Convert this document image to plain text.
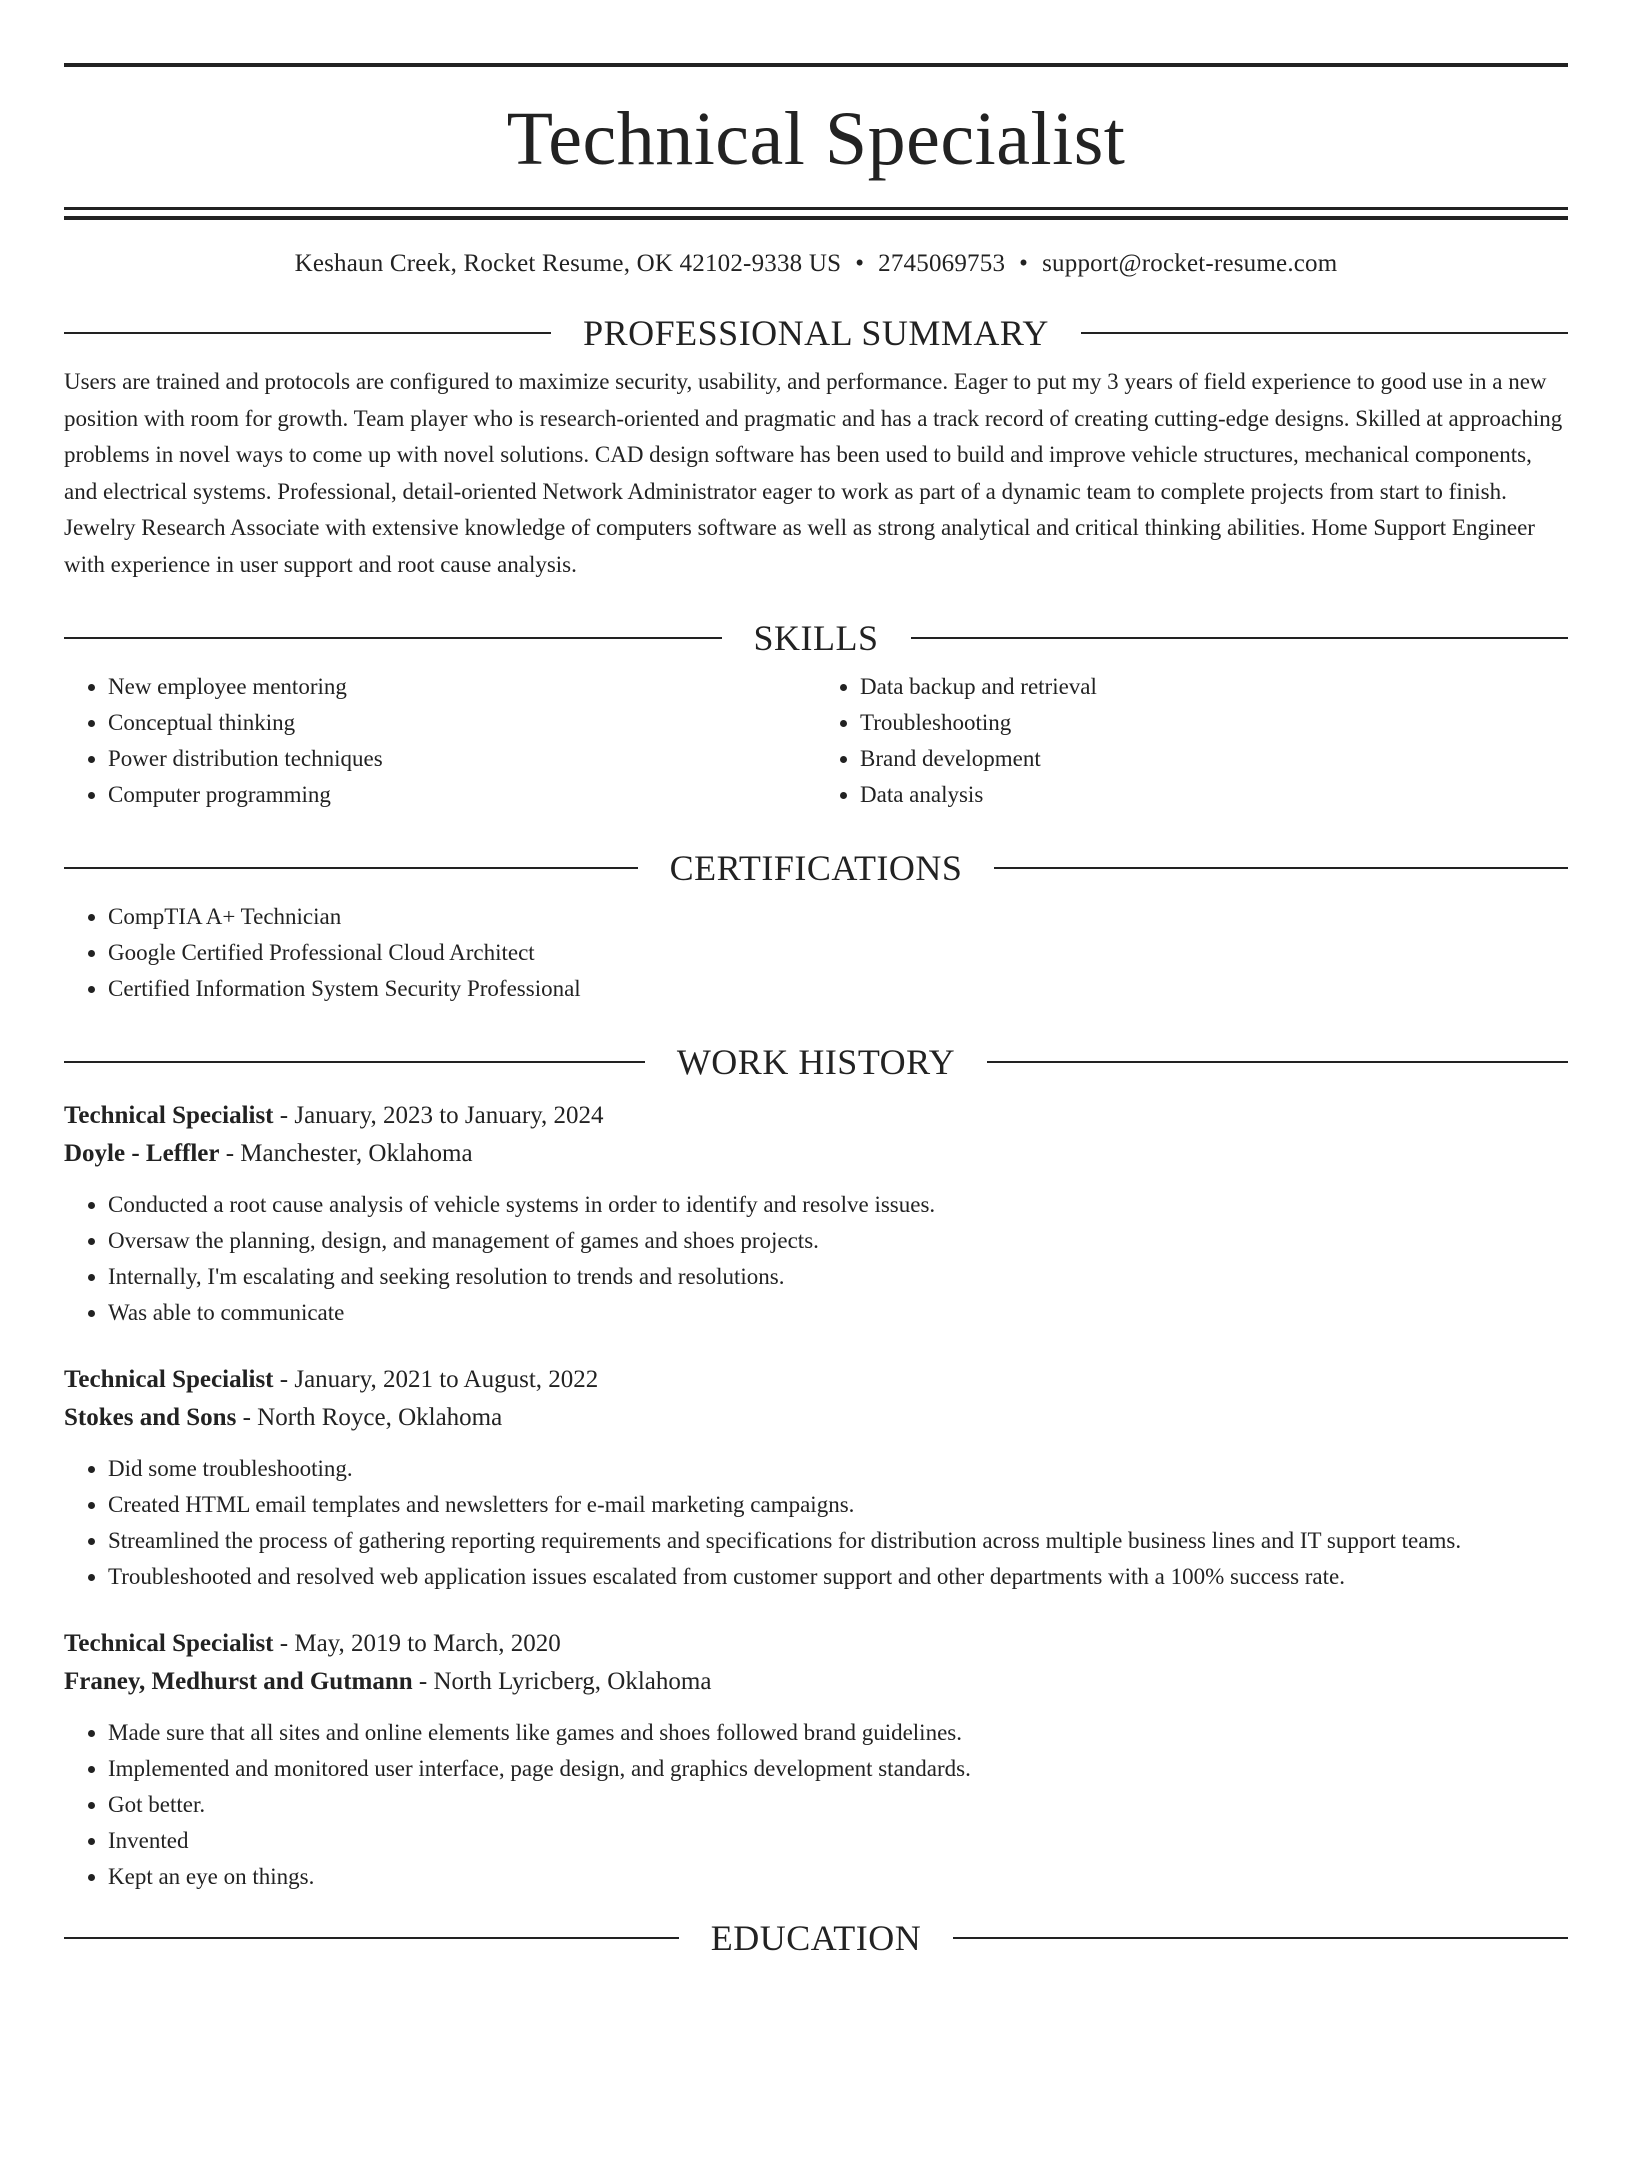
Technical Specialist
Keshaun Creek, Rocket Resume, OK 42102-9338 US • 2745069753 • support@rocket-resume.com
PROFESSIONAL SUMMARY

Users are trained and protocols are configured to maximize security, usability, and performance. Eager to put my 3 years of field experience to good use in a new position with room for growth. Team player who is research-oriented and pragmatic and has a track record of creating cutting-edge designs. Skilled at approaching problems in novel ways to come up with novel solutions. CAD design software has been used to build and improve vehicle structures, mechanical components, and electrical systems. Professional, detail-oriented Network Administrator eager to work as part of a dynamic team to complete projects from start to finish. Jewelry Research Associate with extensive knowledge of computers software as well as strong analytical and critical thinking abilities. Home Support Engineer with experience in user support and root cause analysis.

SKILLS
• New employee mentoring
• Conceptual thinking
• Power distribution techniques
• Computer programming
• Data backup and retrieval
• Troubleshooting
• Brand development
• Data analysis
CERTIFICATIONS
• CompTIA A+ Technician
• Google Certified Professional Cloud Architect
• Certified Information System Security Professional
WORK HISTORY
Technical Specialist - January, 2023 to January, 2024
Doyle - Leffler - Manchester, Oklahoma
• Conducted a root cause analysis of vehicle systems in order to identify and resolve issues.
• Oversaw the planning, design, and management of games and shoes projects.
• Internally, I'm escalating and seeking resolution to trends and resolutions.
• Was able to communicate
Technical Specialist - January, 2021 to August, 2022
Stokes and Sons - North Royce, Oklahoma
• Did some troubleshooting.
• Created HTML email templates and newsletters for e-mail marketing campaigns.
• Streamlined the process of gathering reporting requirements and specifications for distribution across multiple business lines and IT support teams.
• Troubleshooted and resolved web application issues escalated from customer support and other departments with a 100% success rate.
Technical Specialist - May, 2019 to March, 2020
Franey, Medhurst and Gutmann - North Lyricberg, Oklahoma
• Made sure that all sites and online elements like games and shoes followed brand guidelines.
• Implemented and monitored user interface, page design, and graphics development standards.
• Got better.
• Invented
• Kept an eye on things.
EDUCATION
